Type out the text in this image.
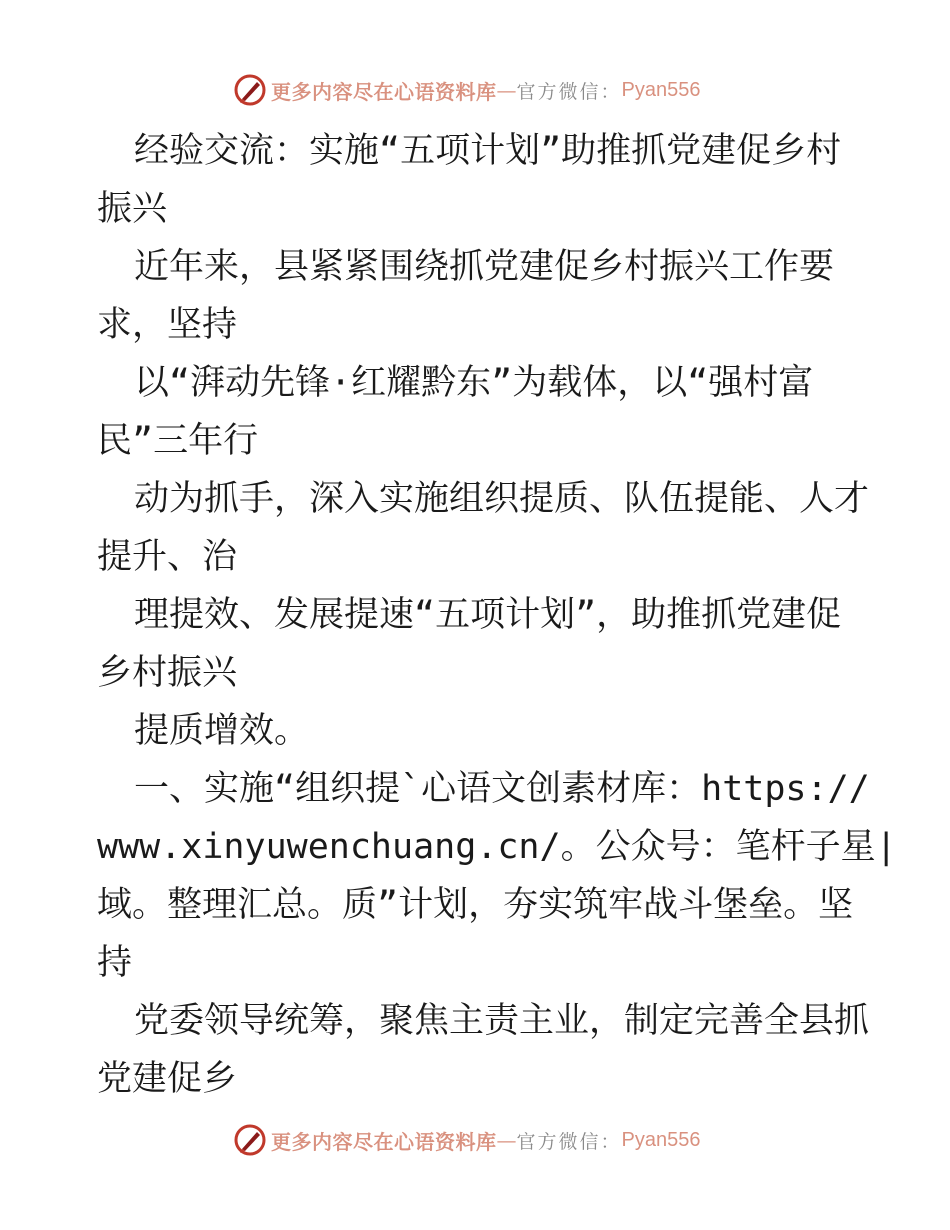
更多内容尽在心语资料库 — 官方微信： Pyan556
经验交流：实施“五项计划”助推抓党建促乡村
振兴
近年来，县紧紧围绕抓党建促乡村振兴工作要
求，坚持
以“湃动先锋·红耀黔东”为载体，以“强村富
民”三年行
动为抓手，深入实施组织提质、队伍提能、人才
提升、治
理提效、发展提速“五项计划”，助推抓党建促
乡村振兴
提质增效。
一、实施“组织提`心语文创素材库：https://
www.xinyuwenchuang.cn/。公众号：笔杆子星|
域。整理汇总。质”计划，夯实筑牢战斗堡垒。坚
持
党委领导统筹，聚焦主责主业，制定完善全县抓
党建促乡
更多内容尽在心语资料库 — 官方微信： Pyan556
